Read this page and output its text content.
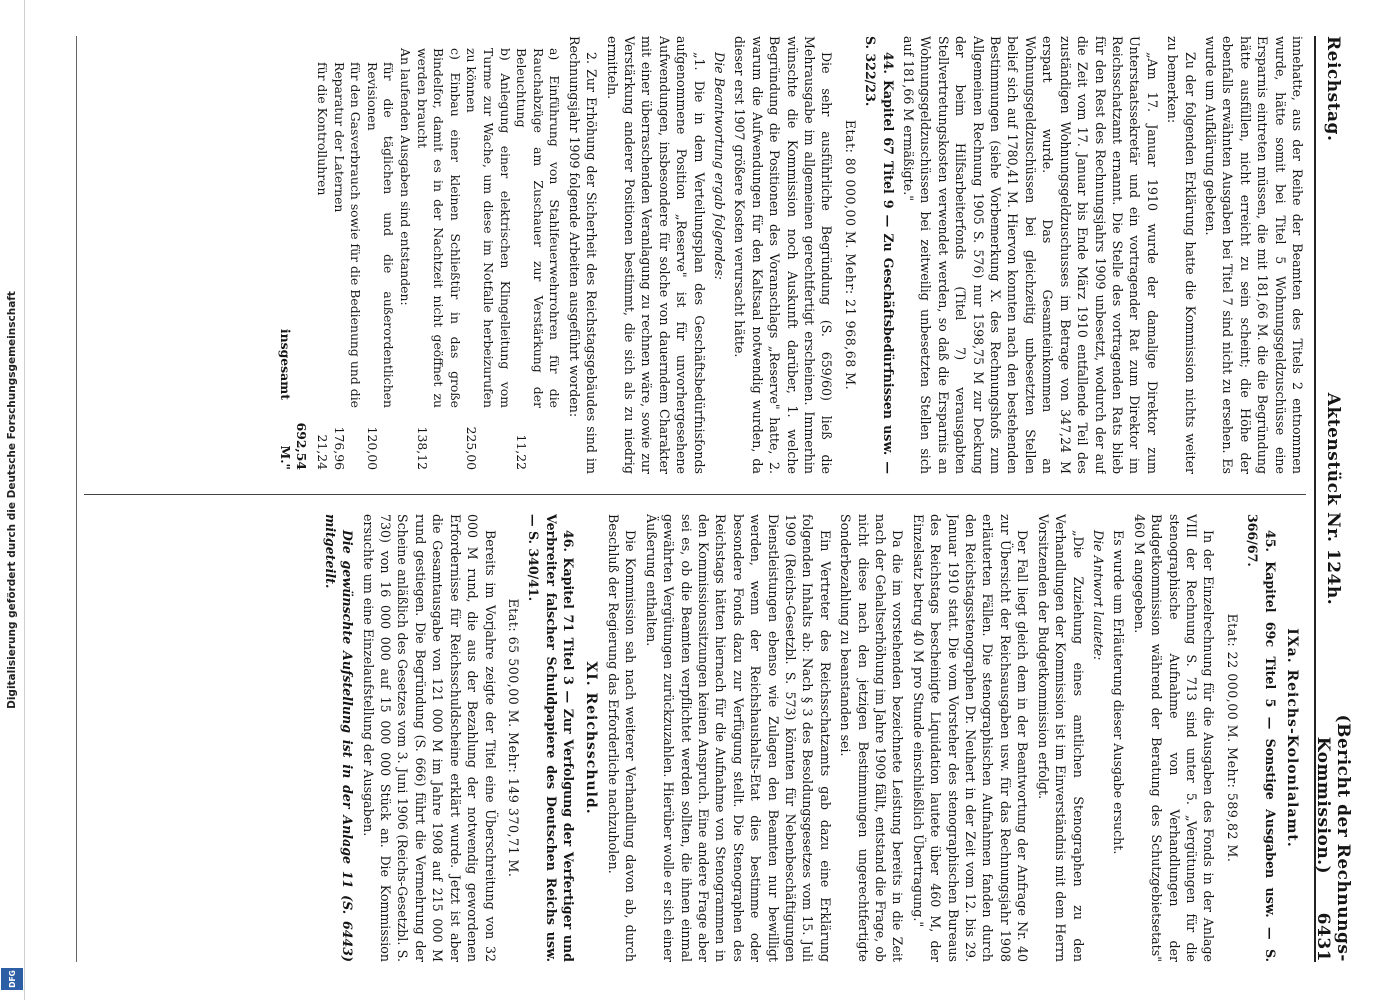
Digitalisierung gefördert durch die Deutsche Forschungsgemeinschaft
DFG
Reichstag.
Aktenstück Nr. 124h.
(Bericht der Rechnungs-Kommission.)      6431

innehatte, aus der Reihe der Beamten des Titels 2 entnommen wurde, hätte somit bei Titel 5 Wohnungsgeldzuschüsse eine Ersparnis eintreten müssen, die mit 181,66 M. die die Begründung hätte ausfüllen, nicht erreicht zu sein scheint; die Höhe der ebenfalls erwähnten Ausgaben bei Titel 7 sind nicht zu ersehen. Es wurde um Aufklärung gebeten.

Zu der folgenden Erklärung hatte die Kommission nichts weiter zu bemerken:

„Am 17. Januar 1910 wurde der damalige Direktor zum Unterstaatssekretär und ein vortragender Rat zum Direktor im Reichsschatzamt ernannt. Die Stelle des vortragenden Rats blieb für den Rest des Rechnungsjahrs 1909 unbesetzt, wodurch der auf die Zeit vom 17. Januar bis Ende März 1910 entfallende Teil des zuständigen Wohnungsgeldzuschusses im Betrage von 347,24 M erspart wurde. Das Gesamteinkommen an Wohnungsgeldzuschüssen bei gleichzeitig unbesetzten Stellen belief sich auf 1780,41 M. Hiervon konnten nach den bestehenden Bestimmungen (siehe Vorbemerkung X. des Rechnungshofs zum Allgemeinen Rechnung 1905 S. 576) nur 1598,75 M zur Deckung der beim Hilfsarbeiterfonds (Titel 7) verausgabten Stellvertretungskosten verwendet werden, so daß die Ersparnis an Wohnungsgeldzuschüssen bei zeitweilig unbesetzten Stellen sich auf 181,66 M ermäßigte."

44. Kapitel 67 Titel 9 — Zu Geschäftsbedürfnissen usw. — S. 322/23.

Etat: 80 000,00 M. Mehr: 21 968,68 M.

Die sehr ausführliche Begründung (S. 659/60) ließ die Mehrausgabe im allgemeinen gerechtfertigt erscheinen. Immerhin wünschte die Kommission noch Auskunft darüber, 1. welche Begründung die Positionen des Voranschlags „Reserve" hatte, 2. warum die Aufwendungen für den Kaltsaal notwendig wurden, da dieser erst 1907 größere Kosten verursacht hätte.

Die Beantwortung ergab folgendes:

„1. Die in dem Verteilungsplan des Geschäftsbedürfnisfonds aufgenommene Position „Reserve" ist für unvorhergesehene Aufwendungen, insbesondere für solche von dauerndem Charakter mit einer überraschenden Veranlagung zu rechnen wäre, sowie zur Verstärkung anderer Positionen bestimmt, die sich als zu niedrig ermitteln.

2. Zur Erhöhung der Sicherheit des Reichstagsgebäudes sind im Rechnungsjahr 1909 folgende Arbeiten ausgeführt worden:

a) Einführung von Stahlfeuerwehrrohren für die Rauchabzüge am Zuschauer zur Verstärkung der Beleuchtung	11,22
b) Anlegung einer elektrischen Klingelleitung vom Turme zur Wache, um diese im Notfalle herbeizurufen zu können	225,00
c) Einbau einer kleinen Schließtür in das große Bindelfor, damit es in der Nachtzeit nicht geöffnet zu werden braucht	138,12
An laufenden Ausgaben sind entstanden:	
für die täglichen und die außerordentlichen Revisionen	120,00
für den Gasverbrauch sowie für die Bedienung und die Reparatur der Laternen	176,96
für die Kontrolluhren	21,24
insgesamt	692,54 M."
IXa. Reichs-Kolonialamt.

45. Kapitel 69c Titel 5 — Sonstige Ausgaben usw. — S. 366/67.

Etat: 22 000,00 M. Mehr: 589,82 M.

In der Einzelrechnung für die Ausgaben des Fonds in der Anlage VIII der Rechnung S. 713 sind unter 5. „Vergütungen für die stenographische Aufnahme von Verhandlungen der Budgetkommission während der Beratung des Schutzgebietsetats" 460 M angegeben.

Es wurde um Erläuterung dieser Ausgabe ersucht.

Die Antwort lautete:

„Die Zuziehung eines amtlichen Stenographen zu den Verhandlungen der Kommission ist im Einverständnis mit dem Herrn Vorsitzenden der Budgetkommission erfolgt.

Der Fall liegt gleich dem in der Beantwortung der Anfrage Nr. 40 zur Übersicht der Reichsausgaben usw. für das Rechnungsjahr 1908 erläuterten Fällen. Die stenographischen Aufnahmen fanden durch den Reichstagsstenographen Dr. Neuhert in der Zeit vom 12. bis 29. Januar 1910 statt. Die vom Vorsteher des stenographischen Bureaus des Reichstags bescheinigte Liquidation lautete über 460 M, der Einzelsatz betrug 40 M pro Stunde einschließlich Übertragung."

Da die im vorstehenden bezeichnete Leistung bereits in die Zeit nach der Gehaltserhöhung im Jahre 1909 fällt, entstand die Frage, ob nicht diese nach den jetzigen Bestimmungen ungerechtfertigte Sonderbezahlung zu beanstanden sei.

Ein Vertreter des Reichsschatzamts gab dazu eine Erklärung folgenden Inhalts ab: Nach § 3 des Besoldungsgesetzes vom 15. Juli 1909 (Reichs-Gesetzbl. S. 573) könnten für Nebenbeschäftigungen Dienstleistungen ebenso wie Zulagen den Beamten nur bewilligt werden, wenn der Reichshaushalts-Etat dies bestimme oder besondere Fonds dazu zur Verfügung stellt. Die Stenographen des Reichstags hätten hiernach für die Aufnahme von Stenogrammen in den Kommissionssitzungen keinen Anspruch. Eine andere Frage aber sei es, ob die Beamten verpflichtet werden sollten, die ihnen einmal gewährten Vergütungen zurückzuzahlen. Hierüber wolle er sich einer Äußerung enthalten.

Die Kommission sah nach weiterer Verhandlung davon ab, durch Beschluß der Regierung das Erforderliche nachzuholen.

XI. Reichsschuld.

46. Kapitel 71 Titel 3 — Zur Verfolgung der Verfertiger und Verbreiter falscher Schuldpapiere des Deutschen Reichs usw. — S. 340/41.

Etat: 65 500,00 M. Mehr: 149 370,71 M.

Bereits im Vorjahre zeigte der Titel eine Überschreitung von 32 000 M rund, die aus der Bezahlung der notwendig gewordenen Erfordernisse für Reichsschuldscheine erklärt wurde. Jetzt ist aber die Gesamtausgabe von 121 000 M im Jahre 1908 auf 215 000 M rund gestiegen. Die Begründung (S. 666) führt die Vermehrung der Scheine anläßlich des Gesetzes vom 3. Juni 1906 (Reichs-Gesetzbl. S. 730) von 16 000 000 auf 15 000 000 Stück an. Die Kommission ersuchte um eine Einzelaufstellung der Ausgaben.

Die gewünschte Aufstellung ist in der Anlage 11 (S. 6443) mitgeteilt.
